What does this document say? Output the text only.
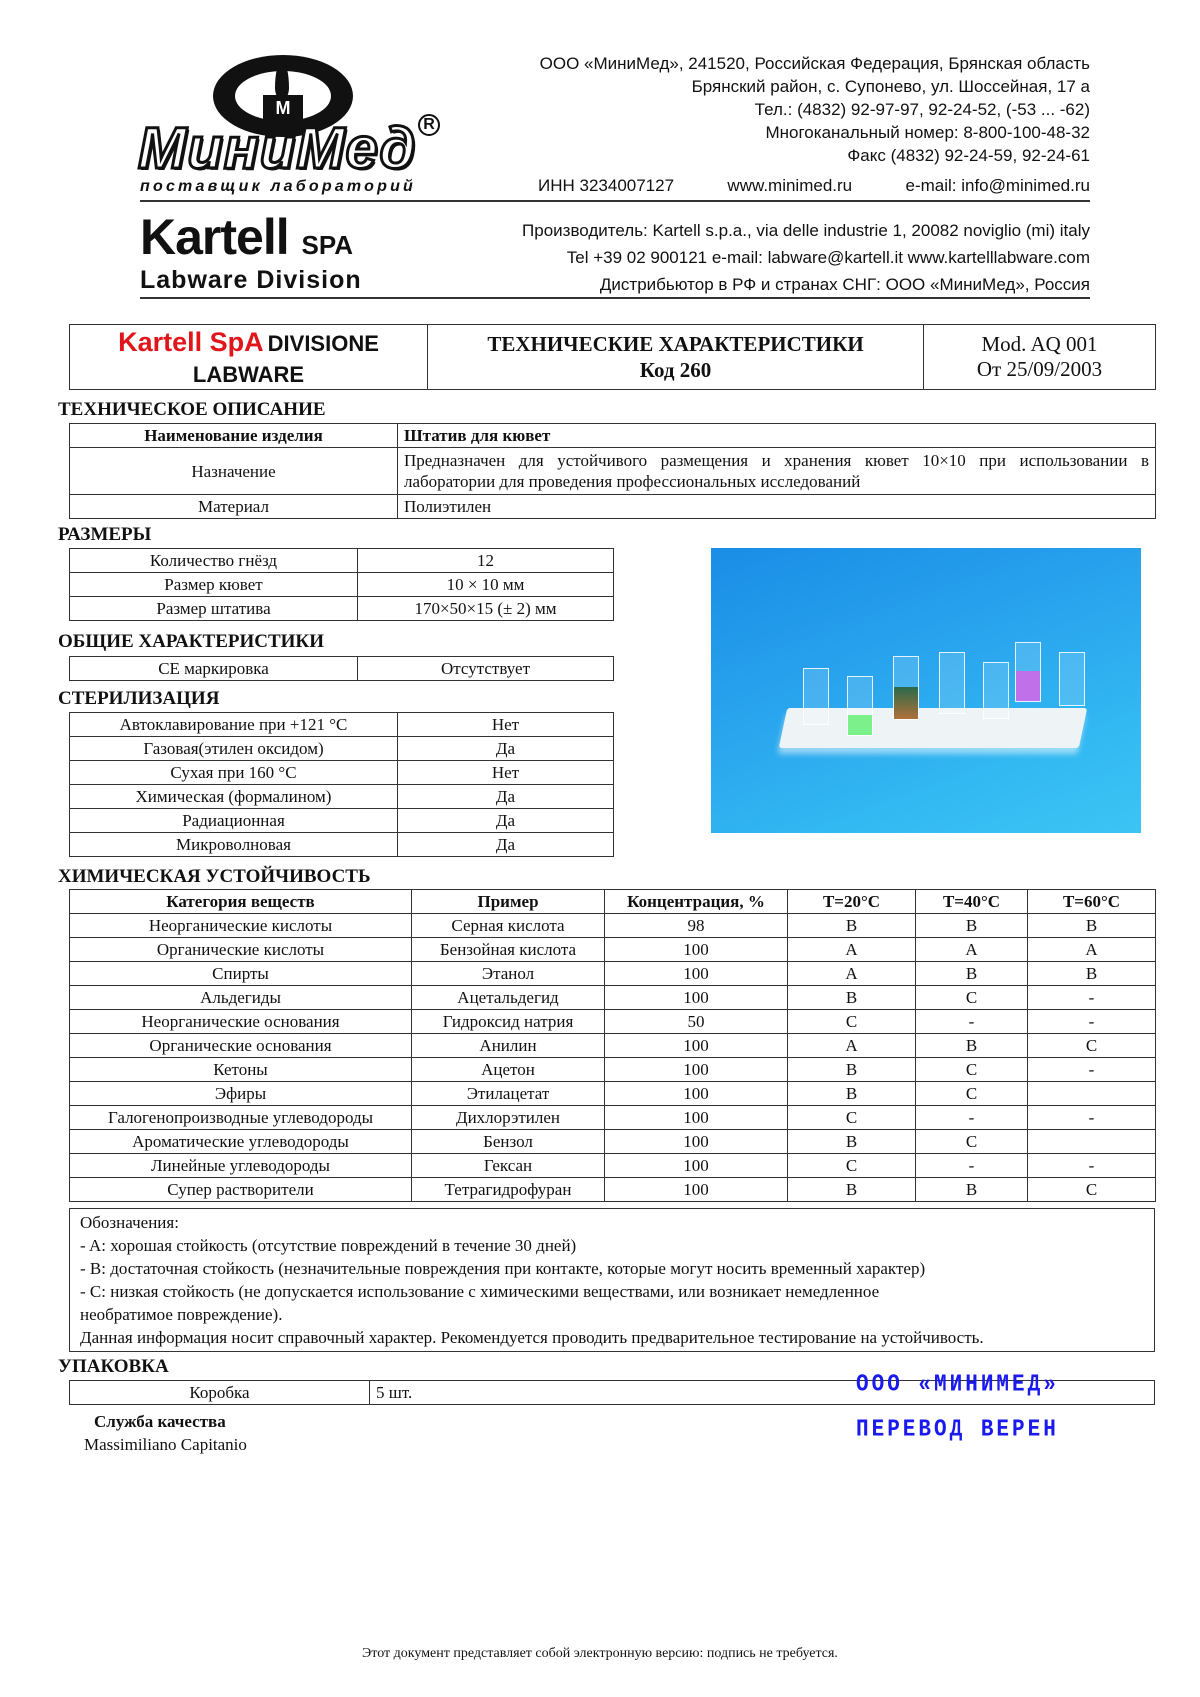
M
МиниМед R
поставщик лабораторий
ООО «МиниМед», 241520, Российская Федерация, Брянская область
Брянский район, с. Супонево, ул. Шоссейная, 17 а
Тел.: (4832) 92-97-97, 92-24-52, (-53 ... -62)
Многоканальный номер: 8-800-100-48-32
Факс (4832) 92-24-59, 92-24-61
ИНН 3234007127	www.minimed.ru	e-mail: info@minimed.ru
Kartell SPA
Labware Division
Производитель: Kartell s.p.a., via delle industrie 1, 20082 noviglio (mi) italy
Tel +39 02 900121 e-mail: labware@kartell.it www.kartelllabware.com
Дистрибьютор в РФ и странах СНГ: ООО «МиниМед», Россия
Kartell SpA DIVISIONE
LABWARE
ТЕХНИЧЕСКИЕ ХАРАКТЕРИСТИКИ
Код 260
Mod. AQ 001
От 25/09/2003
ТЕХНИЧЕСКОЕ ОПИСАНИЕ
Наименование изделия	Штатив для кювет
Назначение	Предназначен для устойчивого размещения и хранения кювет 10×10 при использовании в лаборатории для проведения профессиональных исследований
Материал	Полиэтилен
РАЗМЕРЫ
Количество гнёзд	12
Размер кювет	10 × 10 мм
Размер штатива	170×50×15 (± 2) мм
ОБЩИЕ ХАРАКТЕРИСТИКИ
CE маркировка	Отсутствует
СТЕРИЛИЗАЦИЯ
Автоклавирование при +121 °C	Нет
Газовая(этилен оксидом)	Да
Сухая при 160 °C	Нет
Химическая (формалином)	Да
Радиационная	Да
Микроволновая	Да
ХИМИЧЕСКАЯ УСТОЙЧИВОСТЬ
Категория веществ	Пример	Концентрация, %	T=20°C	T=40°C	T=60°C
Неорганические кислоты	Серная кислота	98	B	B	B
Органические кислоты	Бензойная кислота	100	A	A	A
Спирты	Этанол	100	A	B	B
Альдегиды	Ацетальдегид	100	B	C	-
Неорганические основания	Гидроксид натрия	50	C	-	-
Органические основания	Анилин	100	A	B	C
Кетоны	Ацетон	100	B	C	-
Эфиры	Этилацетат	100	B	C	
Галогенопроизводные углеводороды	Дихлорэтилен	100	C	-	-
Ароматические углеводороды	Бензол	100	B	C	
Линейные углеводороды	Гексан	100	C	-	-
Супер растворители	Тетрагидрофуран	100	B	B	C
Обозначения:
- A: хорошая стойкость (отсутствие повреждений в течение 30 дней)
- B: достаточная стойкость (незначительные повреждения при контакте, которые могут носить временный характер)
- C: низкая стойкость (не допускается использование с химическими веществами, или возникает немедленное
необратимое повреждение).
Данная информация носит справочный характер. Рекомендуется проводить предварительное тестирование на устойчивость.
УПАКОВКА
Коробка	5 шт.
Служба качества
Massimiliano Capitanio
ООО «МИНИМЕД»
ПЕРЕВОД ВЕРЕН
Этот документ представляет собой электронную версию: подпись не требуется.
